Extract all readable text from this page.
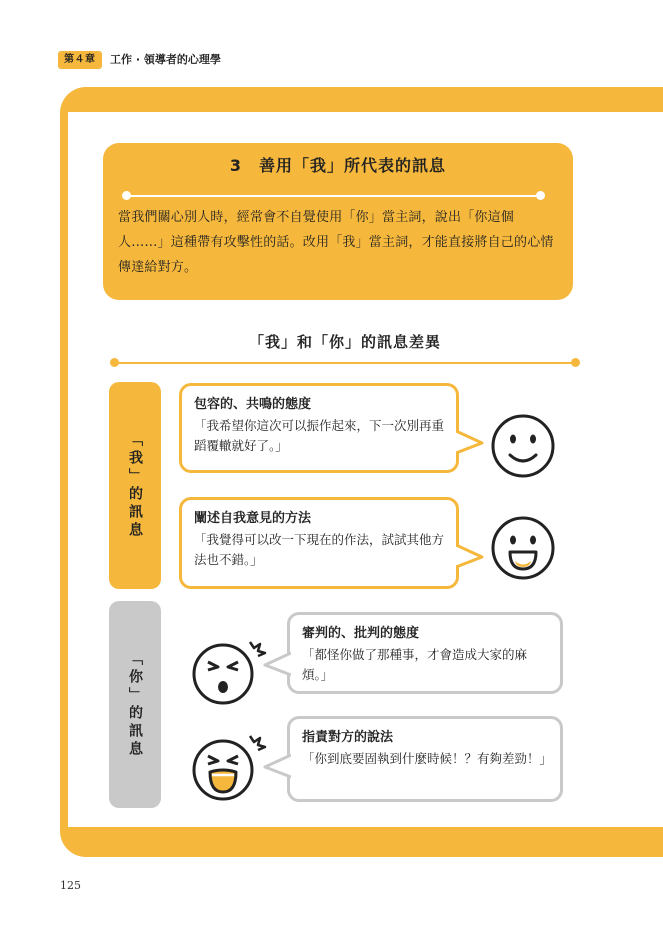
第４章	工作 · 領導者的心理學
3　善用「我」所代表的訊息
當我們關心別人時，經常會不自覺使用「你」當主詞，說出「你這個人……」這種帶有攻擊性的話。改用「我」當主詞，才能直接將自己的心情傳達給對方。
「我」和「你」的訊息差異
「我」的訊息
「你」的訊息
包容的、共鳴的態度
「我希望你這次可以振作起來，下一次別再重蹈覆轍就好了。」
闡述自我意見的方法
「我覺得可以改一下現在的作法，試試其他方法也不錯。」
審判的、批判的態度
「都怪你做了那種事，才會造成大家的麻煩。」
指責對方的說法
「你到底要固執到什麼時候！？有夠差勁！」
125
